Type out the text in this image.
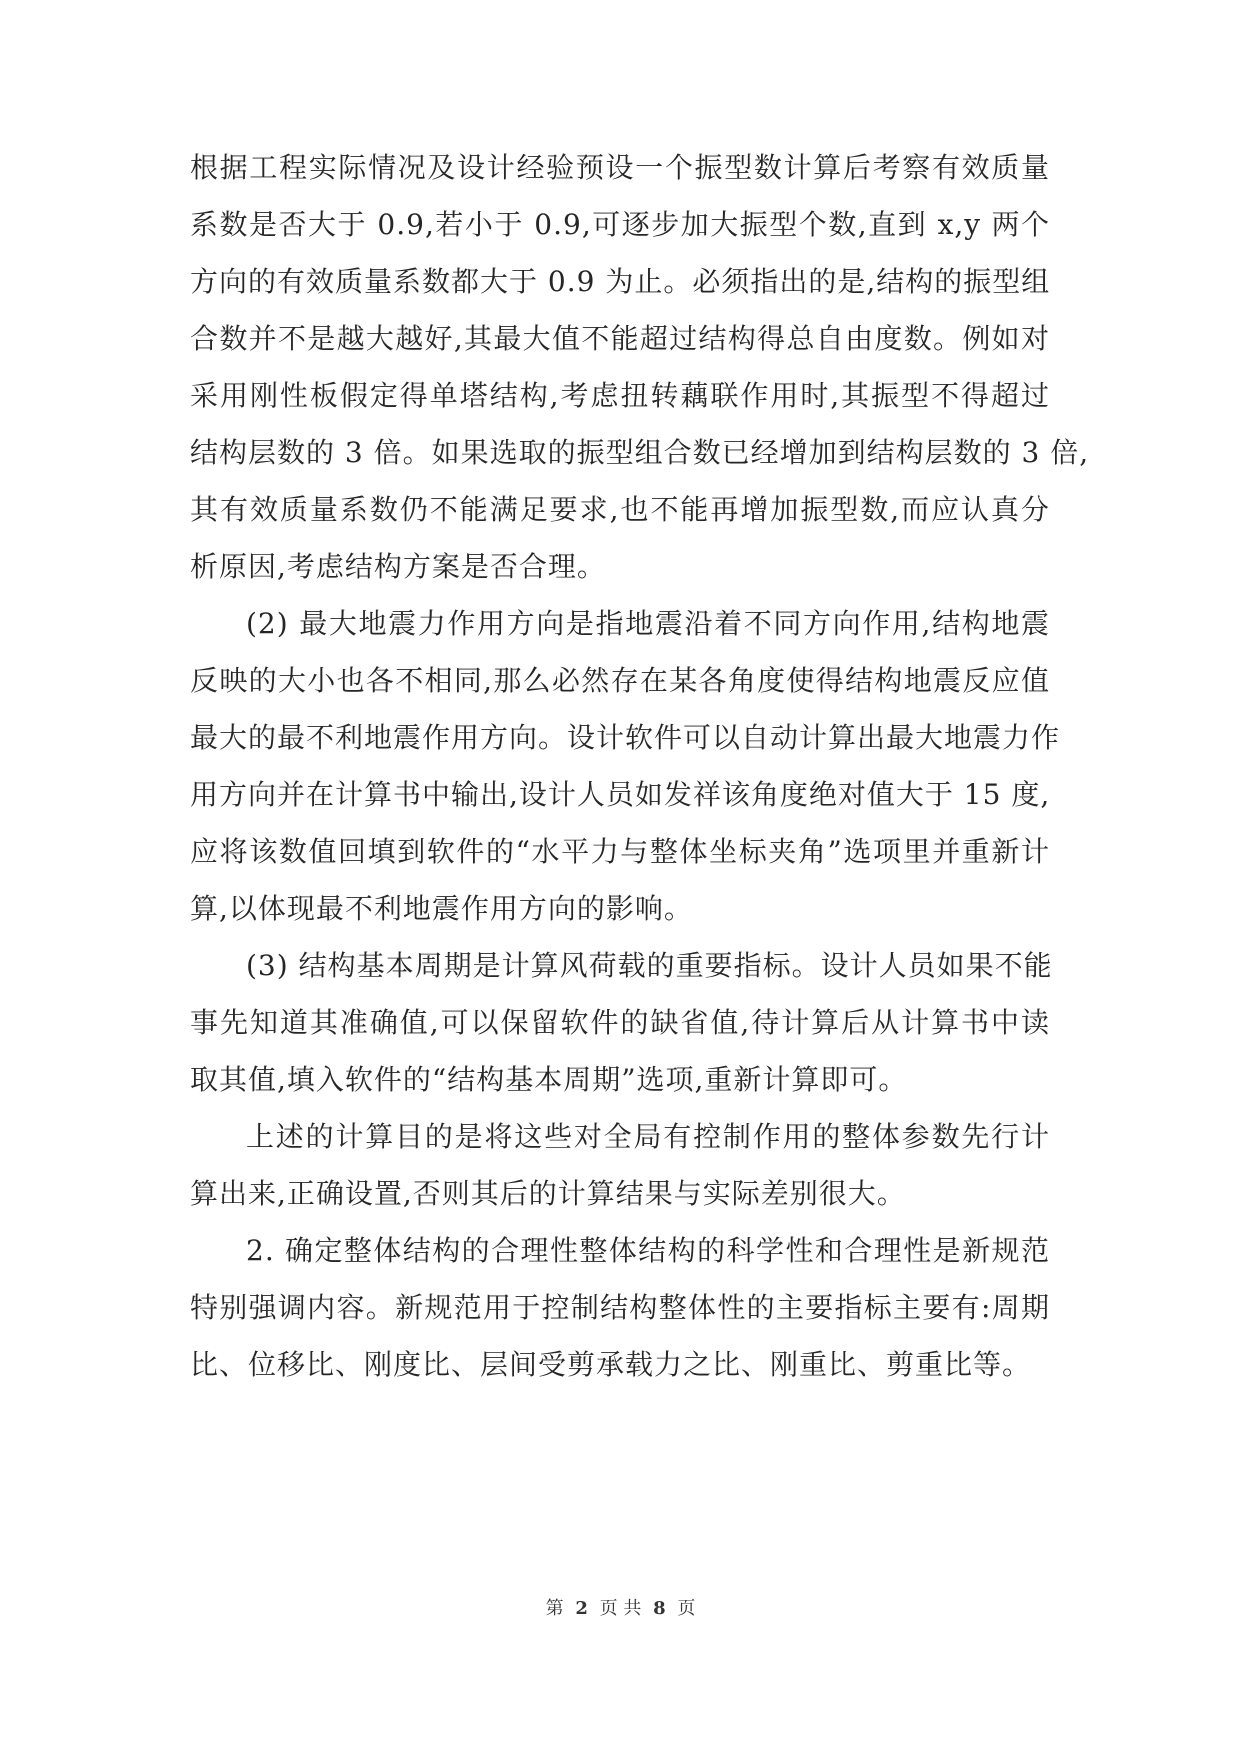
根据工程实际情况及设计经验预设一个振型数计算后考察有效质量
系数是否大于 0.9,若小于 0.9,可逐步加大振型个数,直到 x,y 两个
方向的有效质量系数都大于 0.9 为止。必须指出的是,结构的振型组
合数并不是越大越好,其最大值不能超过结构得总自由度数。例如对
采用刚性板假定得单塔结构,考虑扭转藕联作用时,其振型不得超过
结构层数的 3 倍。如果选取的振型组合数已经增加到结构层数的 3 倍,
其有效质量系数仍不能满足要求,也不能再增加振型数,而应认真分
析原因,考虑结构方案是否合理。
(2) 最大地震力作用方向是指地震沿着不同方向作用,结构地震
反映的大小也各不相同,那么必然存在某各角度使得结构地震反应值
最大的最不利地震作用方向。设计软件可以自动计算出最大地震力作
用方向并在计算书中输出,设计人员如发祥该角度绝对值大于 15 度,
应将该数值回填到软件的“水平力与整体坐标夹角”选项里并重新计
算,以体现最不利地震作用方向的影响。
(3) 结构基本周期是计算风荷载的重要指标。设计人员如果不能
事先知道其准确值,可以保留软件的缺省值,待计算后从计算书中读
取其值,填入软件的“结构基本周期”选项,重新计算即可。
上述的计算目的是将这些对全局有控制作用的整体参数先行计
算出来,正确设置,否则其后的计算结果与实际差别很大。
2. 确定整体结构的合理性整体结构的科学性和合理性是新规范
特别强调内容。新规范用于控制结构整体性的主要指标主要有:周期
比、位移比、刚度比、层间受剪承载力之比、刚重比、剪重比等。
第 2 页 共 8 页
